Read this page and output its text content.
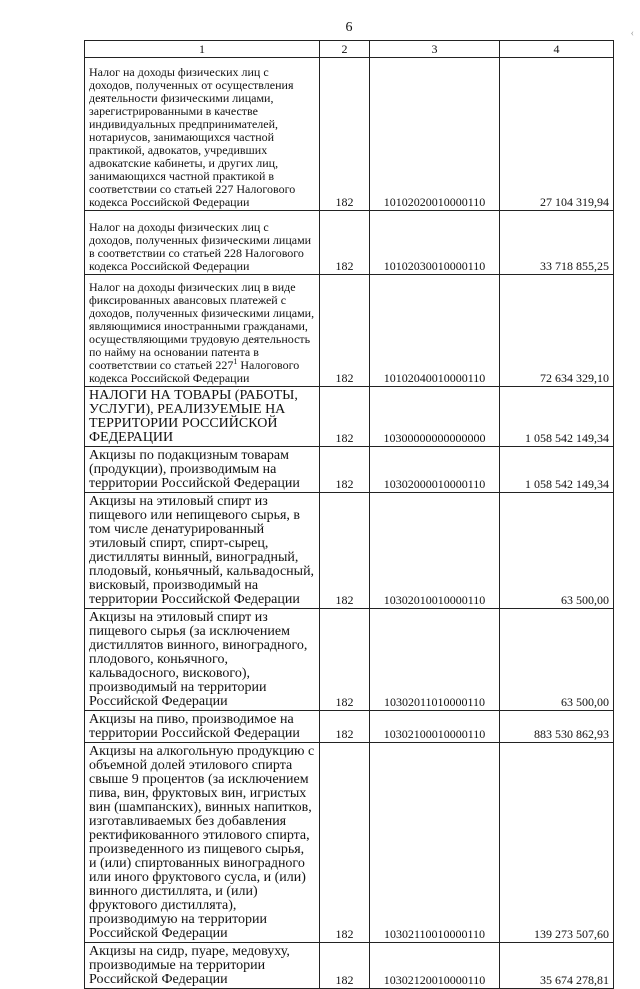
6	‹
1	2	3	4
Налог на доходы физических лиц с доходов, полученных от осуществления деятельности физическими лицами, зарегистрированными в качестве индивидуальных предпринимателей, нотариусов, занимающихся частной практикой, адвокатов, учредивших адвокатские кабинеты, и других лиц, занимающихся частной практикой в соответствии со статьей 227 Налогового кодекса Российской Федерации	182	10102020010000110	27 104 319,94
Налог на доходы физических лиц с доходов, полученных физическими лицами в соответствии со статьей 228 Налогового кодекса Российской Федерации	182	10102030010000110	33 718 855,25
Налог на доходы физических лиц в виде фиксированных авансовых платежей с доходов, полученных физическими лицами, являющимися иностранными гражданами, осуществляющими трудовую деятельность по найму на основании патента в соответствии со статьей $227^1$ Налогового кодекса Российской Федерации	182	10102040010000110	72 634 329,10
НАЛОГИ НА ТОВАРЫ (РАБОТЫ, УСЛУГИ), РЕАЛИЗУЕМЫЕ НА ТЕРРИТОРИИ РОССИЙСКОЙ ФЕДЕРАЦИИ	182	10300000000000000	1 058 542 149,34
Акцизы по подакцизным товарам (продукции), производимым на территории Российской Федерации	182	10302000010000110	1 058 542 149,34
Акцизы на этиловый спирт из пищевого или непищевого сырья, в том числе денатурированный этиловый спирт, спирт-сырец, дистилляты винный, виноградный, плодовый, коньячный, кальвадосный, висковый, производимый на территории Российской Федерации	182	10302010010000110	63 500,00
Акцизы на этиловый спирт из пищевого сырья (за исключением дистиллятов винного, виноградного, плодового, коньячного, кальвадосного, вискового), производимый на территории Российской Федерации	182	10302011010000110	63 500,00
Акцизы на пиво, производимое на территории Российской Федерации	182	10302100010000110	883 530 862,93
Акцизы на алкогольную продукцию с объемной долей этилового спирта свыше 9 процентов (за исключением пива, вин, фруктовых вин, игристых вин (шампанских), винных напитков, изготавливаемых без добавления ректификованного этилового спирта, произведенного из пищевого сырья, и (или) спиртованных виноградного или иного фруктового сусла, и (или) винного дистиллята, и (или) фруктового дистиллята), производимую на территории Российской Федерации	182	10302110010000110	139 273 507,60
Акцизы на сидр, пуаре, медовуху, производимые на территории Российской Федерации	182	10302120010000110	35 674 278,81
